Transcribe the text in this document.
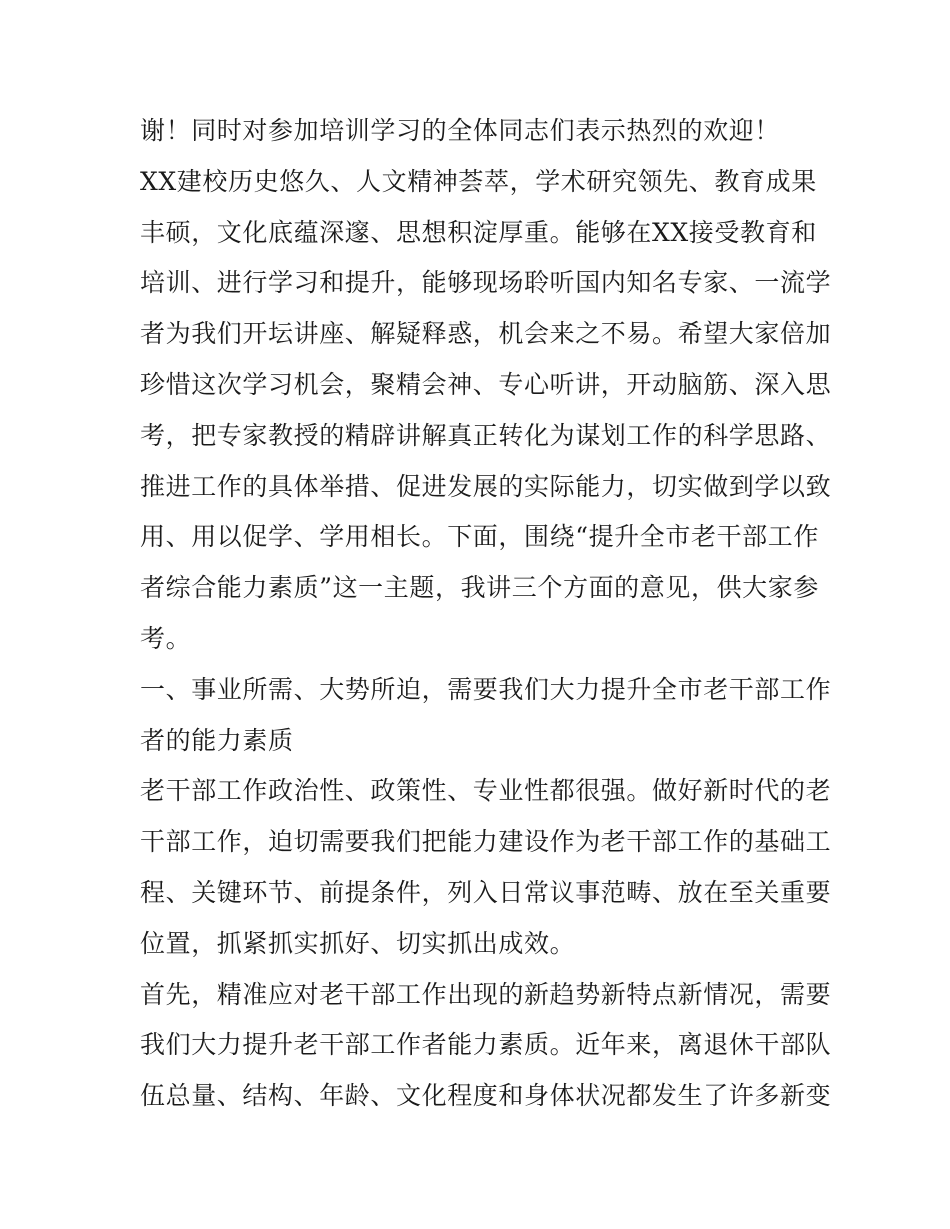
谢！同时对参加培训学习的全体同志们表示热烈的欢迎！
XX建校历史悠久、人文精神荟萃，学术研究领先、教育成果
丰硕，文化底蕴深邃、思想积淀厚重。能够在XX接受教育和
培训、进行学习和提升，能够现场聆听国内知名专家、一流学
者为我们开坛讲座、解疑释惑，机会来之不易。希望大家倍加
珍惜这次学习机会，聚精会神、专心听讲，开动脑筋、深入思
考，把专家教授的精辟讲解真正转化为谋划工作的科学思路、
推进工作的具体举措、促进发展的实际能力，切实做到学以致
用、用以促学、学用相长。下面，围绕“提升全市老干部工作
者综合能力素质”这一主题，我讲三个方面的意见，供大家参
考。
一、事业所需、大势所迫，需要我们大力提升全市老干部工作
者的能力素质
老干部工作政治性、政策性、专业性都很强。做好新时代的老
干部工作，迫切需要我们把能力建设作为老干部工作的基础工
程、关键环节、前提条件，列入日常议事范畴、放在至关重要
位置，抓紧抓实抓好、切实抓出成效。
首先，精准应对老干部工作出现的新趋势新特点新情况，需要
我们大力提升老干部工作者能力素质。近年来，离退休干部队
伍总量、结构、年龄、文化程度和身体状况都发生了许多新变
